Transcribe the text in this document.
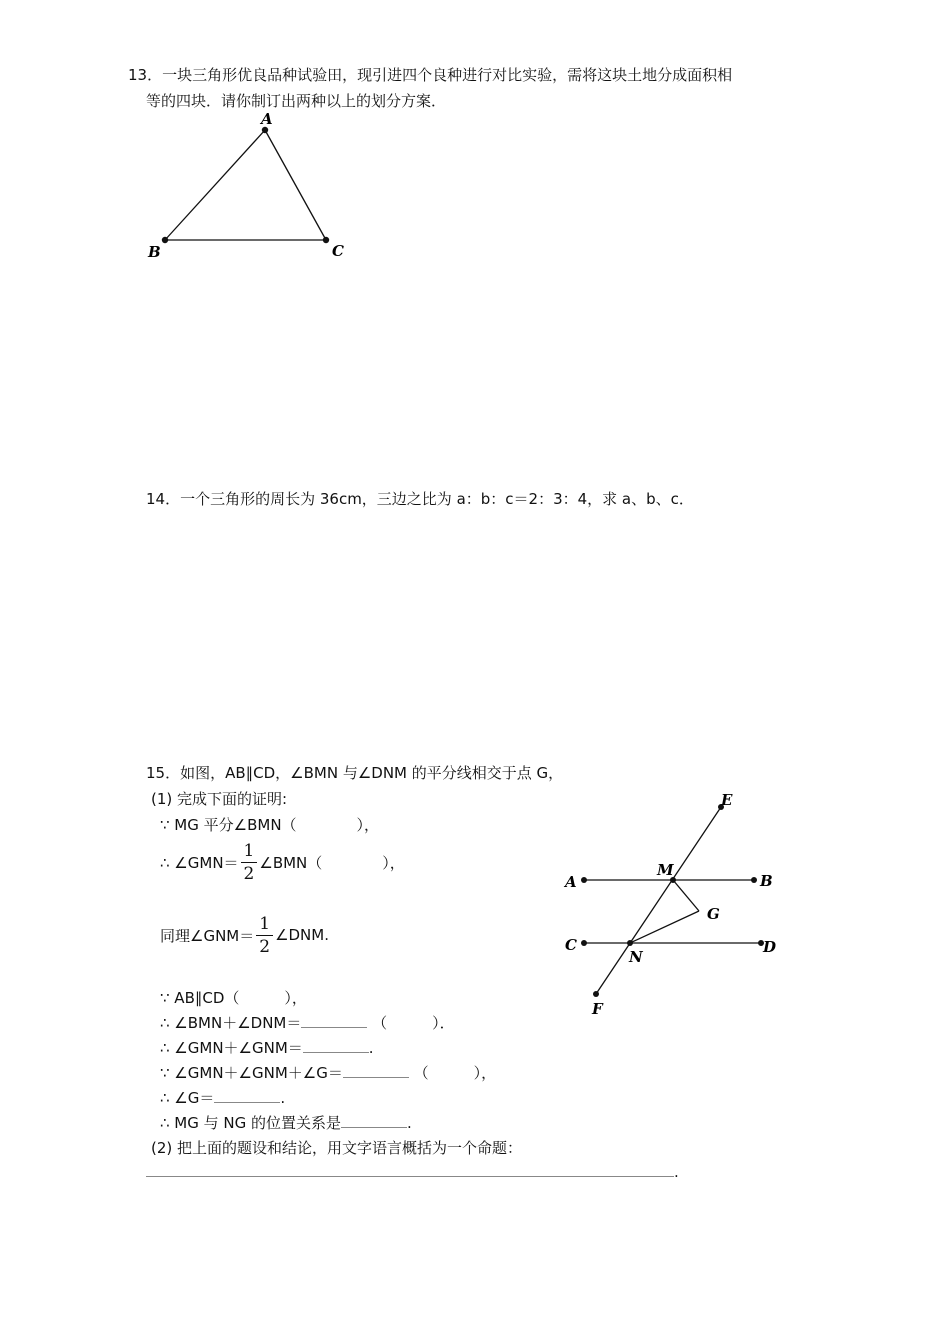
13．一块三角形优良品种试验田，现引进四个良种进行对比实验，需将这块土地分成面积相
等的四块．请你制订出两种以上的划分方案．
A
B	C
14．一个三角形的周长为 36cm，三边之比为 a：b：c＝2：3：4，求 a、b、c．
15．如图，AB∥CD，∠BMN 与∠DNM 的平分线相交于点 G，
(1) 完成下面的证明:
∵ MG 平分∠BMN（　　　　），
∴ ∠GMN＝ $\frac{1}{2}$ ∠BMN（　　　　），
同理∠GNM＝ $\frac{1}{2}$ ∠DNM.
∵ AB∥CD（　　　），
∴ ∠BMN＋∠DNM＝	（　　　）．
∴ ∠GMN＋∠GNM＝	.
∵ ∠GMN＋∠GNM＋∠G＝	（　　　），
∴ ∠G＝	.
∴ MG 与 NG 的位置关系是	.
(2) 把上面的题设和结论，用文字语言概括为一个命题：
.
A	B
C	D
E
F
G
M
N
